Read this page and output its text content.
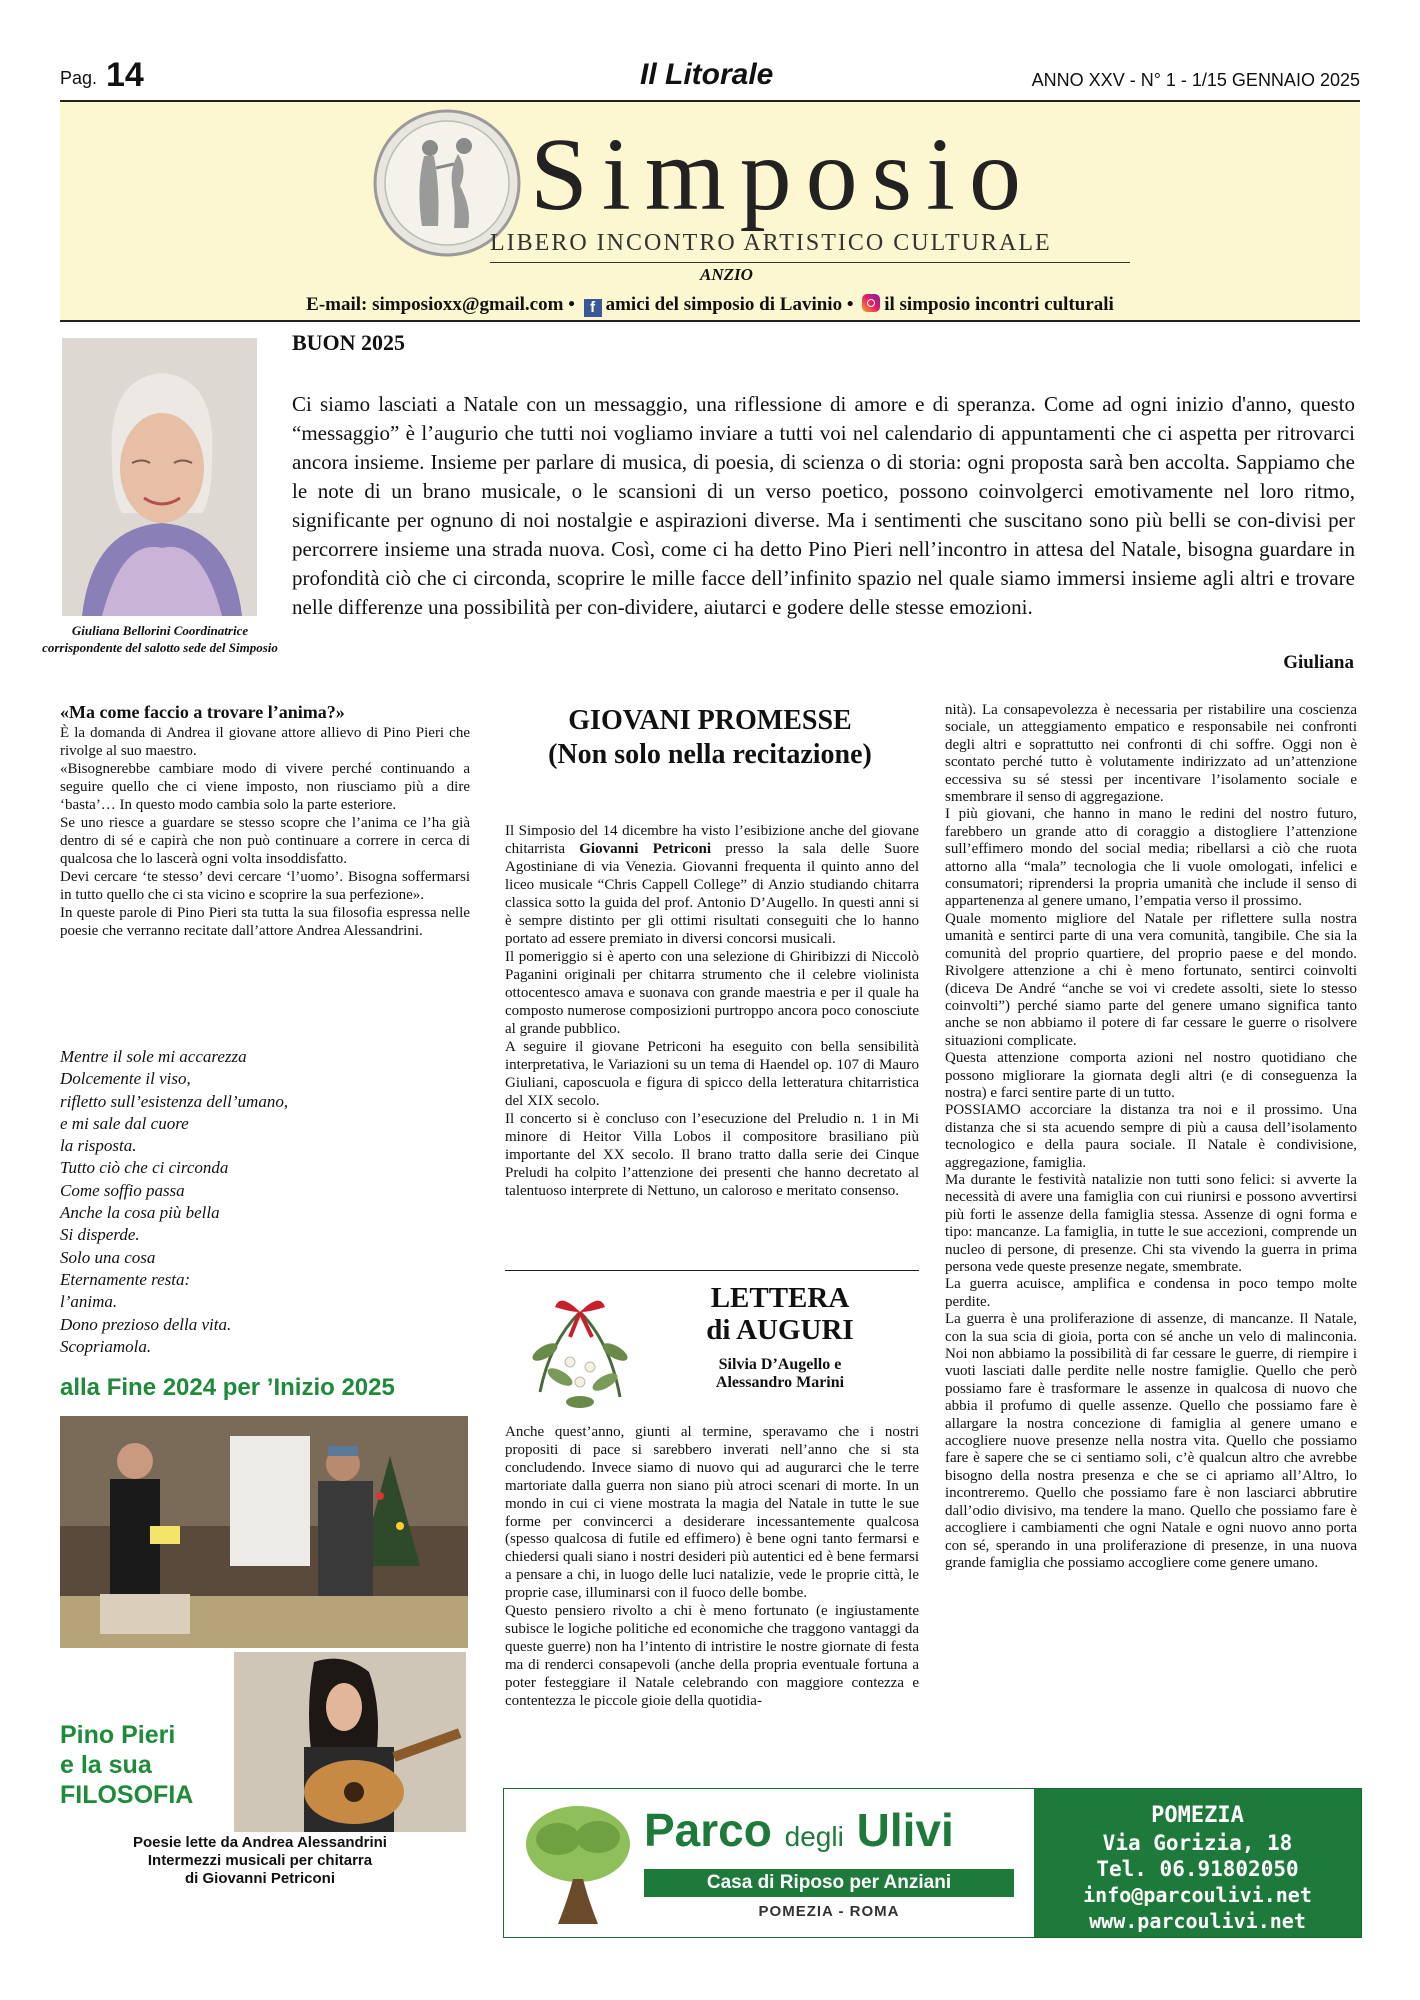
Pag. 14	Il Litorale	ANNO XXV - N° 1 - 1/15 GENNAIO 2025
Simposio
LIBERO INCONTRO ARTISTICO CULTURALE
ANZIO
E-mail: simposioxx@gmail.com • f amici del simposio di Lavinio • il simposio incontri culturali
Giuliana Bellorini Coordinatrice corrispondente del salotto sede del Simposio
BUON 2025
Ci siamo lasciati a Natale con un messaggio, una riflessione di amore e di speranza. Come ad ogni inizio d'anno, questo “messaggio” è l’augurio che tutti noi vogliamo inviare a tutti voi nel calendario di appuntamenti che ci aspetta per ritrovarci ancora insieme. Insieme per parlare di musica, di poesia, di scienza o di storia: ogni proposta sarà ben accolta. Sappiamo che le note di un brano musicale, o le scansioni di un verso poetico, possono coinvolgerci emotivamente nel loro ritmo, significante per ognuno di noi nostalgie e aspirazioni diverse. Ma i sentimenti che suscitano sono più belli se con-divisi per percorrere insieme una strada nuova. Così, come ci ha detto Pino Pieri nell’incontro in attesa del Natale, bisogna guardare in profondità ciò che ci circonda, scoprire le mille facce dell’infinito spazio nel quale siamo immersi insieme agli altri e trovare nelle differenze una possibilità per con-dividere, aiutarci e godere delle stesse emozioni.
Giuliana
«Ma come faccio a trovare l’anima?»

È la domanda di Andrea il giovane attore allievo di Pino Pieri che rivolge al suo maestro.

«Bisognerebbe cambiare modo di vivere perché continuando a seguire quello che ci viene imposto, non riusciamo più a dire ‘basta’… In questo modo cambia solo la parte esteriore.

Se uno riesce a guardare se stesso scopre che l’anima ce l’ha già dentro di sé e capirà che non può continuare a correre in cerca di qualcosa che lo lascerà ogni volta insoddisfatto.

Devi cercare ‘te stesso’ devi cercare ‘l’uomo’. Bisogna soffermarsi in tutto quello che ci sta vicino e scoprire la sua perfezione».

In queste parole di Pino Pieri sta tutta la sua filosofia espressa nelle poesie che verranno recitate dall’attore Andrea Alessandrini.

Mentre il sole mi accarezza
Dolcemente il viso,
rifletto sull’esistenza dell’umano,
e mi sale dal cuore
la risposta.
Tutto ciò che ci circonda
Come soffio passa
Anche la cosa più bella
Si disperde.
Solo una cosa
Eternamente resta:
l’anima.
Dono prezioso della vita.
Scopriamola.
alla Fine 2024 per ’Inizio 2025
Pino Pieri
e la sua
FILOSOFIA
Poesie lette da Andrea Alessandrini
Intermezzi musicali per chitarra
di Giovanni Petriconi
GIOVANI PROMESSE
(Non solo nella recitazione)

Il Simposio del 14 dicembre ha visto l’esibizione anche del giovane chitarrista Giovanni Petriconi presso la sala delle Suore Agostiniane di via Venezia. Giovanni frequenta il quinto anno del liceo musicale “Chris Cappell College” di Anzio studiando chitarra classica sotto la guida del prof. Antonio D’Augello. In questi anni si è sempre distinto per gli ottimi risultati conseguiti che lo hanno portato ad essere premiato in diversi concorsi musicali.

Il pomeriggio si è aperto con una selezione di Ghiribizzi di Niccolò Paganini originali per chitarra strumento che il celebre violinista ottocentesco amava e suonava con grande maestria e per il quale ha composto numerose composizioni purtroppo ancora poco conosciute al grande pubblico.

A seguire il giovane Petriconi ha eseguito con bella sensibilità interpretativa, le Variazioni su un tema di Haendel op. 107 di Mauro Giuliani, caposcuola e figura di spicco della letteratura chitarristica del XIX secolo.

Il concerto si è concluso con l’esecuzione del Preludio n. 1 in Mi minore di Heitor Villa Lobos il compositore brasiliano più importante del XX secolo. Il brano tratto dalla serie dei Cinque Preludi ha colpito l’attenzione dei presenti che hanno decretato al talentuoso interprete di Nettuno, un caloroso e meritato consenso.

LETTERA
di AUGURI
Silvia D’Augello e
Alessandro Marini

Anche quest’anno, giunti al termine, speravamo che i nostri propositi di pace si sarebbero inverati nell’anno che si sta concludendo. Invece siamo di nuovo qui ad augurarci che le terre martoriate dalla guerra non siano più atroci scenari di morte. In un mondo in cui ci viene mostrata la magia del Natale in tutte le sue forme per convincerci a desiderare incessantemente qualcosa (spesso qualcosa di futile ed effimero) è bene ogni tanto fermarsi e chiedersi quali siano i nostri desideri più autentici ed è bene fermarsi a pensare a chi, in luogo delle luci natalizie, vede le proprie città, le proprie case, illuminarsi con il fuoco delle bombe.

Questo pensiero rivolto a chi è meno fortunato (e ingiustamente subisce le logiche politiche ed economiche che traggono vantaggi da queste guerre) non ha l’intento di intristire le nostre giornate di festa ma di renderci consapevoli (anche della propria eventuale fortuna a poter festeggiare il Natale celebrando con maggiore contezza e contentezza le piccole gioie della quotidia-

nità). La consapevolezza è necessaria per ristabilire una coscienza sociale, un atteggiamento empatico e responsabile nei confronti degli altri e soprattutto nei confronti di chi soffre. Oggi non è scontato perché tutto è volutamente indirizzato ad un’attenzione eccessiva su sé stessi per incentivare l’isolamento sociale e smembrare il senso di aggregazione.

I più giovani, che hanno in mano le redini del nostro futuro, farebbero un grande atto di coraggio a distogliere l’attenzione sull’effimero mondo del social media; ribellarsi a ciò che ruota attorno alla “mala” tecnologia che li vuole omologati, infelici e consumatori; riprendersi la propria umanità che include il senso di appartenenza al genere umano, l’empatia verso il prossimo.

Quale momento migliore del Natale per riflettere sulla nostra umanità e sentirci parte di una vera comunità, tangibile. Che sia la comunità del proprio quartiere, del proprio paese e del mondo. Rivolgere attenzione a chi è meno fortunato, sentirci coinvolti (diceva De André “anche se voi vi credete assolti, siete lo stesso coinvolti”) perché siamo parte del genere umano significa tanto anche se non abbiamo il potere di far cessare le guerre o risolvere situazioni complicate.

Questa attenzione comporta azioni nel nostro quotidiano che possono migliorare la giornata degli altri (e di conseguenza la nostra) e farci sentire parte di un tutto.

POSSIAMO accorciare la distanza tra noi e il prossimo. Una distanza che si sta acuendo sempre di più a causa dell’isolamento tecnologico e della paura sociale. Il Natale è condivisione, aggregazione, famiglia.

Ma durante le festività natalizie non tutti sono felici: si avverte la necessità di avere una famiglia con cui riunirsi e possono avvertirsi più forti le assenze della famiglia stessa. Assenze di ogni forma e tipo: mancanze. La famiglia, in tutte le sue accezioni, comprende un nucleo di persone, di presenze. Chi sta vivendo la guerra in prima persona vede queste presenze negate, smembrate.

La guerra acuisce, amplifica e condensa in poco tempo molte perdite.

La guerra è una proliferazione di assenze, di mancanze. Il Natale, con la sua scia di gioia, porta con sé anche un velo di malinconia. Noi non abbiamo la possibilità di far cessare le guerre, di riempire i vuoti lasciati dalle perdite nelle nostre famiglie. Quello che però possiamo fare è trasformare le assenze in qualcosa di nuovo che abbia il profumo di quelle assenze. Quello che possiamo fare è allargare la nostra concezione di famiglia al genere umano e accogliere nuove presenze nella nostra vita. Quello che possiamo fare è sapere che se ci sentiamo soli, c’è qualcun altro che avrebbe bisogno della nostra presenza e che se ci apriamo all’Altro, lo incontreremo. Quello che possiamo fare è non lasciarci abbrutire dall’odio divisivo, ma tendere la mano. Quello che possiamo fare è accogliere i cambiamenti che ogni Natale e ogni nuovo anno porta con sé, sperando in una proliferazione di presenze, in una nuova grande famiglia che possiamo accogliere come genere umano.

Parco degli Ulivi
Casa di Riposo per Anziani
POMEZIA - ROMA
POMEZIA
Via Gorizia, 18
Tel. 06.91802050
info@parcoulivi.net
www.parcoulivi.net
